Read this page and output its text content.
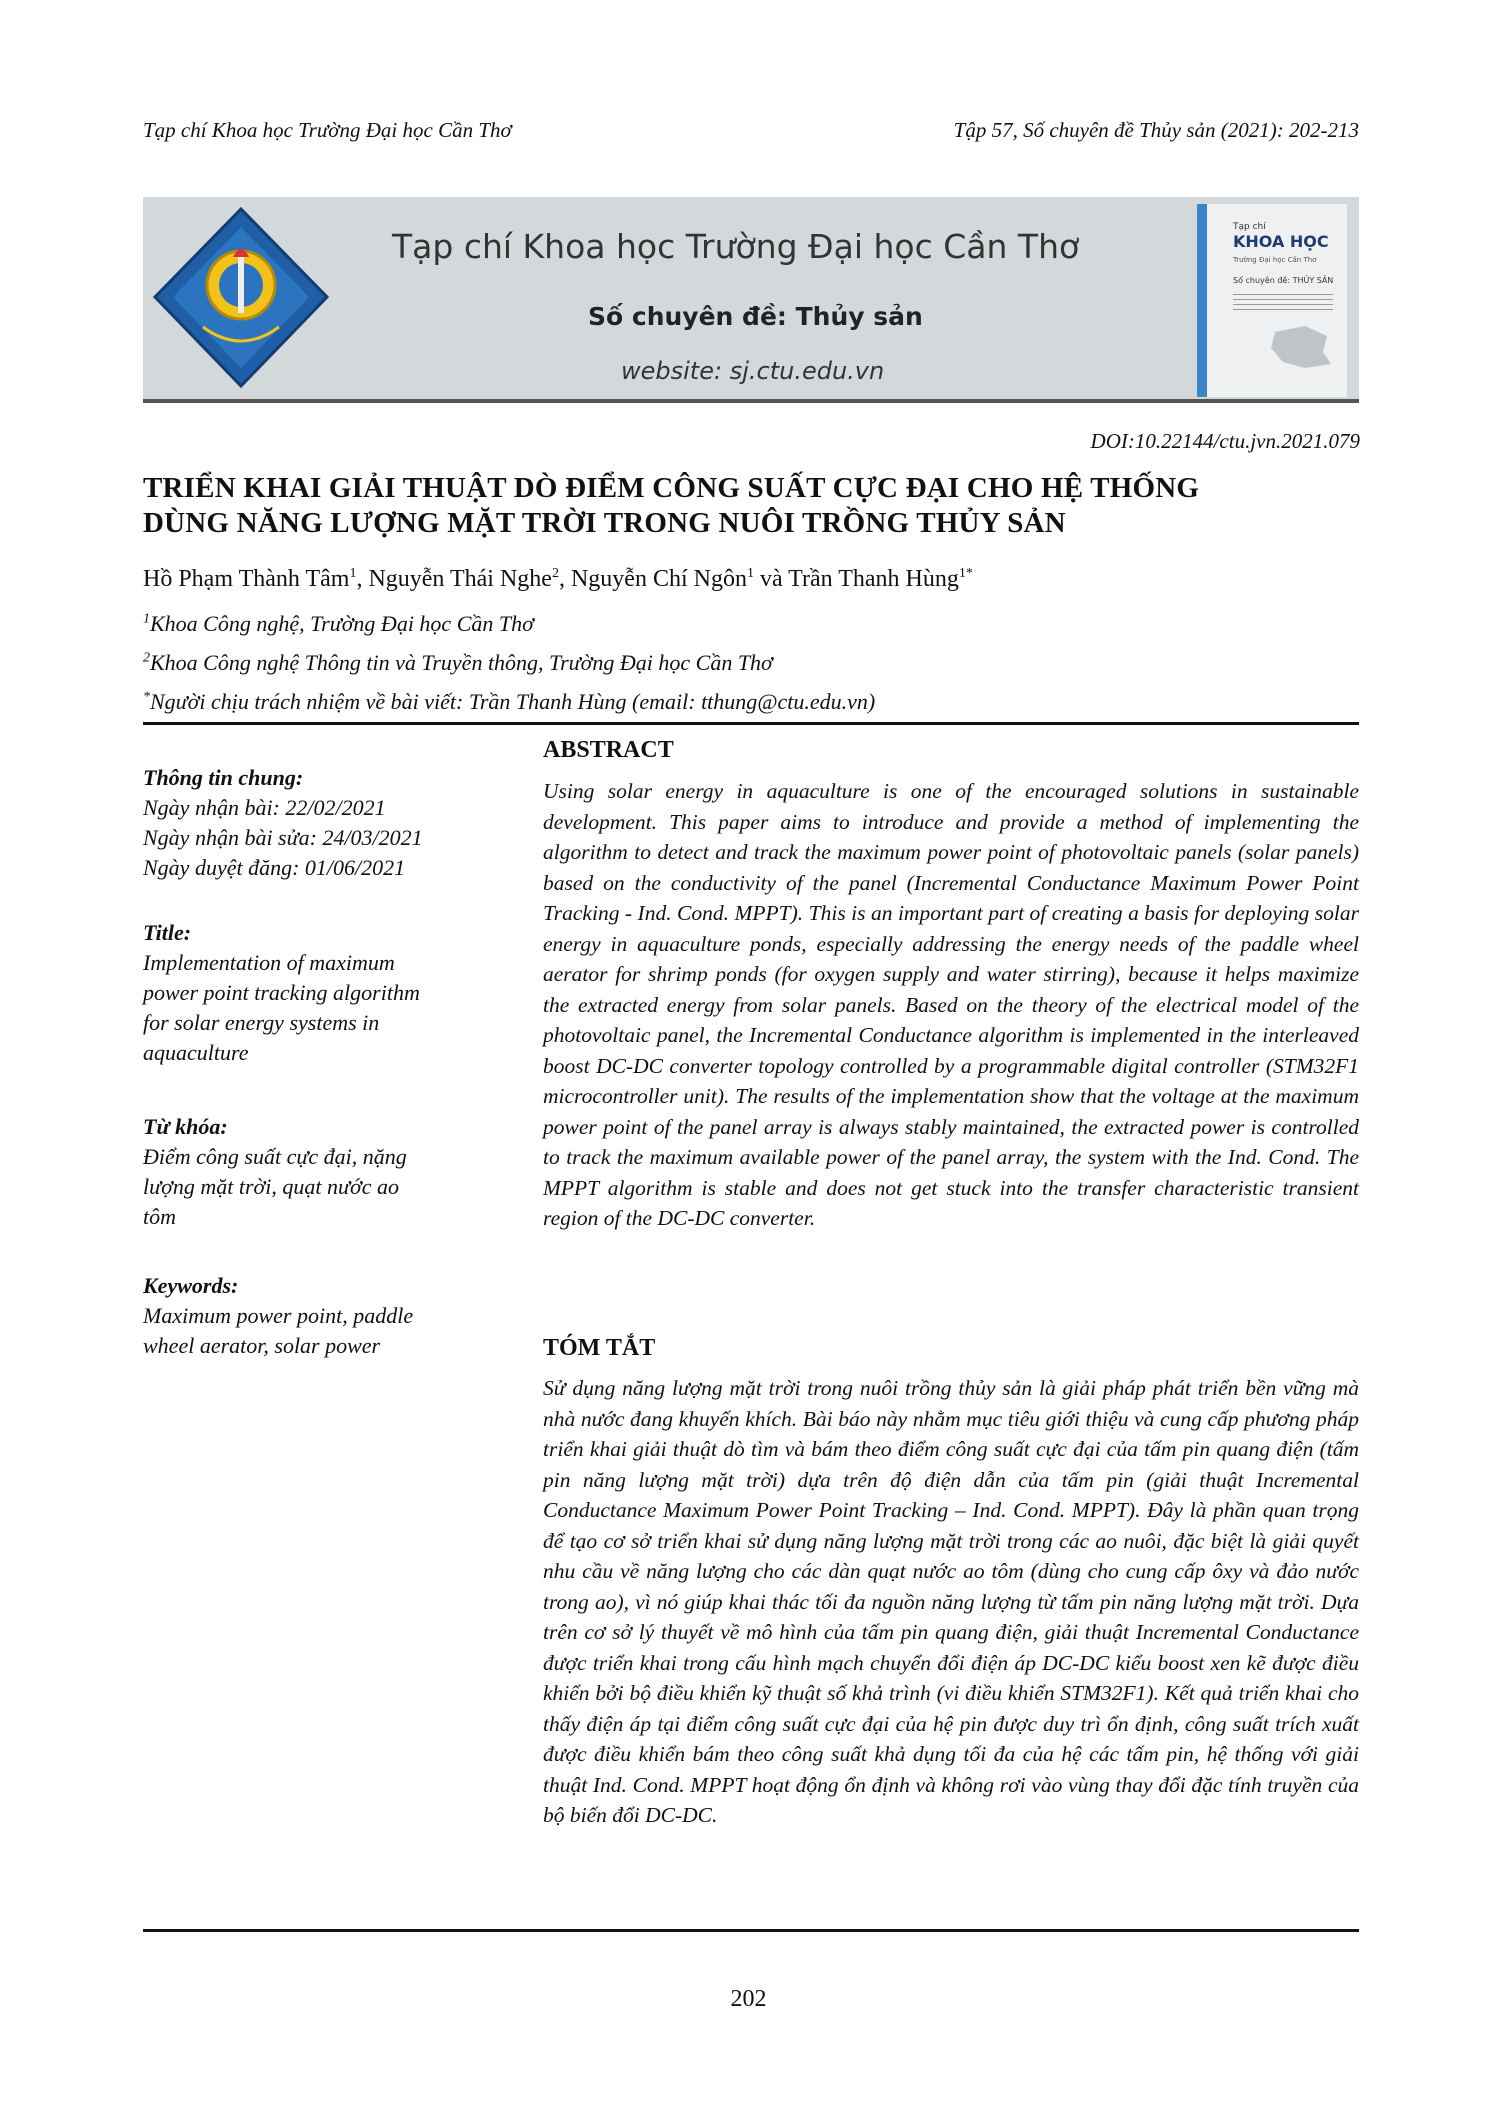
Tạp chí Khoa học Trường Đại học Cần Thơ	Tập 57, Số chuyên đề Thủy sản (2021): 202-213
Tạp chí Khoa học Trường Đại học Cần Thơ
Số chuyên đề: Thủy sản
website: sj.ctu.edu.vn
Tạp chí
KHOA HỌC
Trường Đại học Cần Thơ
Số chuyên đề: THỦY SẢN
DOI:10.22144/ctu.jvn.2021.079
TRIỂN KHAI GIẢI THUẬT DÒ ĐIỂM CÔNG SUẤT CỰC ĐẠI CHO HỆ THỐNG
DÙNG NĂNG LƯỢNG MẶT TRỜI TRONG NUÔI TRỒNG THỦY SẢN
Hồ Phạm Thành Tâm$^1$, Nguyễn Thái Nghe$^2$, Nguyễn Chí Ngôn$^1$ và Trần Thanh Hùng$^{1*}$
$^1$Khoa Công nghệ, Trường Đại học Cần Thơ
$^2$Khoa Công nghệ Thông tin và Truyền thông, Trường Đại học Cần Thơ
*Người chịu trách nhiệm về bài viết: Trần Thanh Hùng (email: tthung@ctu.edu.vn)
Thông tin chung:
Ngày nhận bài: 22/02/2021
Ngày nhận bài sửa: 24/03/2021
Ngày duyệt đăng: 01/06/2021
Title:
Implementation of maximum
power point tracking algorithm
for solar energy systems in
aquaculture
Từ khóa:
Điểm công suất cực đại, nặng
lượng mặt trời, quạt nước ao
tôm
Keywords:
Maximum power point, paddle
wheel aerator, solar power
ABSTRACT

Using solar energy in aquaculture is one of the encouraged solutions in sustainable development. This paper aims to introduce and provide a method of implementing the algorithm to detect and track the maximum power point of photovoltaic panels (solar panels) based on the conductivity of the panel (Incremental Conductance Maximum Power Point Tracking - Ind. Cond. MPPT). This is an important part of creating a basis for deploying solar energy in aquaculture ponds, especially addressing the energy needs of the paddle wheel aerator for shrimp ponds (for oxygen supply and water stirring), because it helps maximize the extracted energy from solar panels. Based on the theory of the electrical model of the photovoltaic panel, the Incremental Conductance algorithm is implemented in the interleaved boost DC-DC converter topology controlled by a programmable digital controller (STM32F1 microcontroller unit). The results of the implementation show that the voltage at the maximum power point of the panel array is always stably maintained, the extracted power is controlled to track the maximum available power of the panel array, the system with the Ind. Cond. The MPPT algorithm is stable and does not get stuck into the transfer characteristic transient region of the DC-DC converter.

TÓM TẮT

Sử dụng năng lượng mặt trời trong nuôi trồng thủy sản là giải pháp phát triển bền vững mà nhà nước đang khuyến khích. Bài báo này nhằm mục tiêu giới thiệu và cung cấp phương pháp triển khai giải thuật dò tìm và bám theo điểm công suất cực đại của tấm pin quang điện (tấm pin năng lượng mặt trời) dựa trên độ điện dẫn của tấm pin (giải thuật Incremental Conductance Maximum Power Point Tracking – Ind. Cond. MPPT). Đây là phần quan trọng để tạo cơ sở triển khai sử dụng năng lượng mặt trời trong các ao nuôi, đặc biệt là giải quyết nhu cầu về năng lượng cho các dàn quạt nước ao tôm (dùng cho cung cấp ôxy và đảo nước trong ao), vì nó giúp khai thác tối đa nguồn năng lượng từ tấm pin năng lượng mặt trời. Dựa trên cơ sở lý thuyết về mô hình của tấm pin quang điện, giải thuật Incremental Conductance được triển khai trong cấu hình mạch chuyển đổi điện áp DC-DC kiểu boost xen kẽ được điều khiển bởi bộ điều khiển kỹ thuật số khả trình (vi điều khiển STM32F1). Kết quả triển khai cho thấy điện áp tại điểm công suất cực đại của hệ pin được duy trì ổn định, công suất trích xuất được điều khiển bám theo công suất khả dụng tối đa của hệ các tấm pin, hệ thống với giải thuật Ind. Cond. MPPT hoạt động ổn định và không rơi vào vùng thay đổi đặc tính truyền của bộ biến đổi DC-DC.

202
